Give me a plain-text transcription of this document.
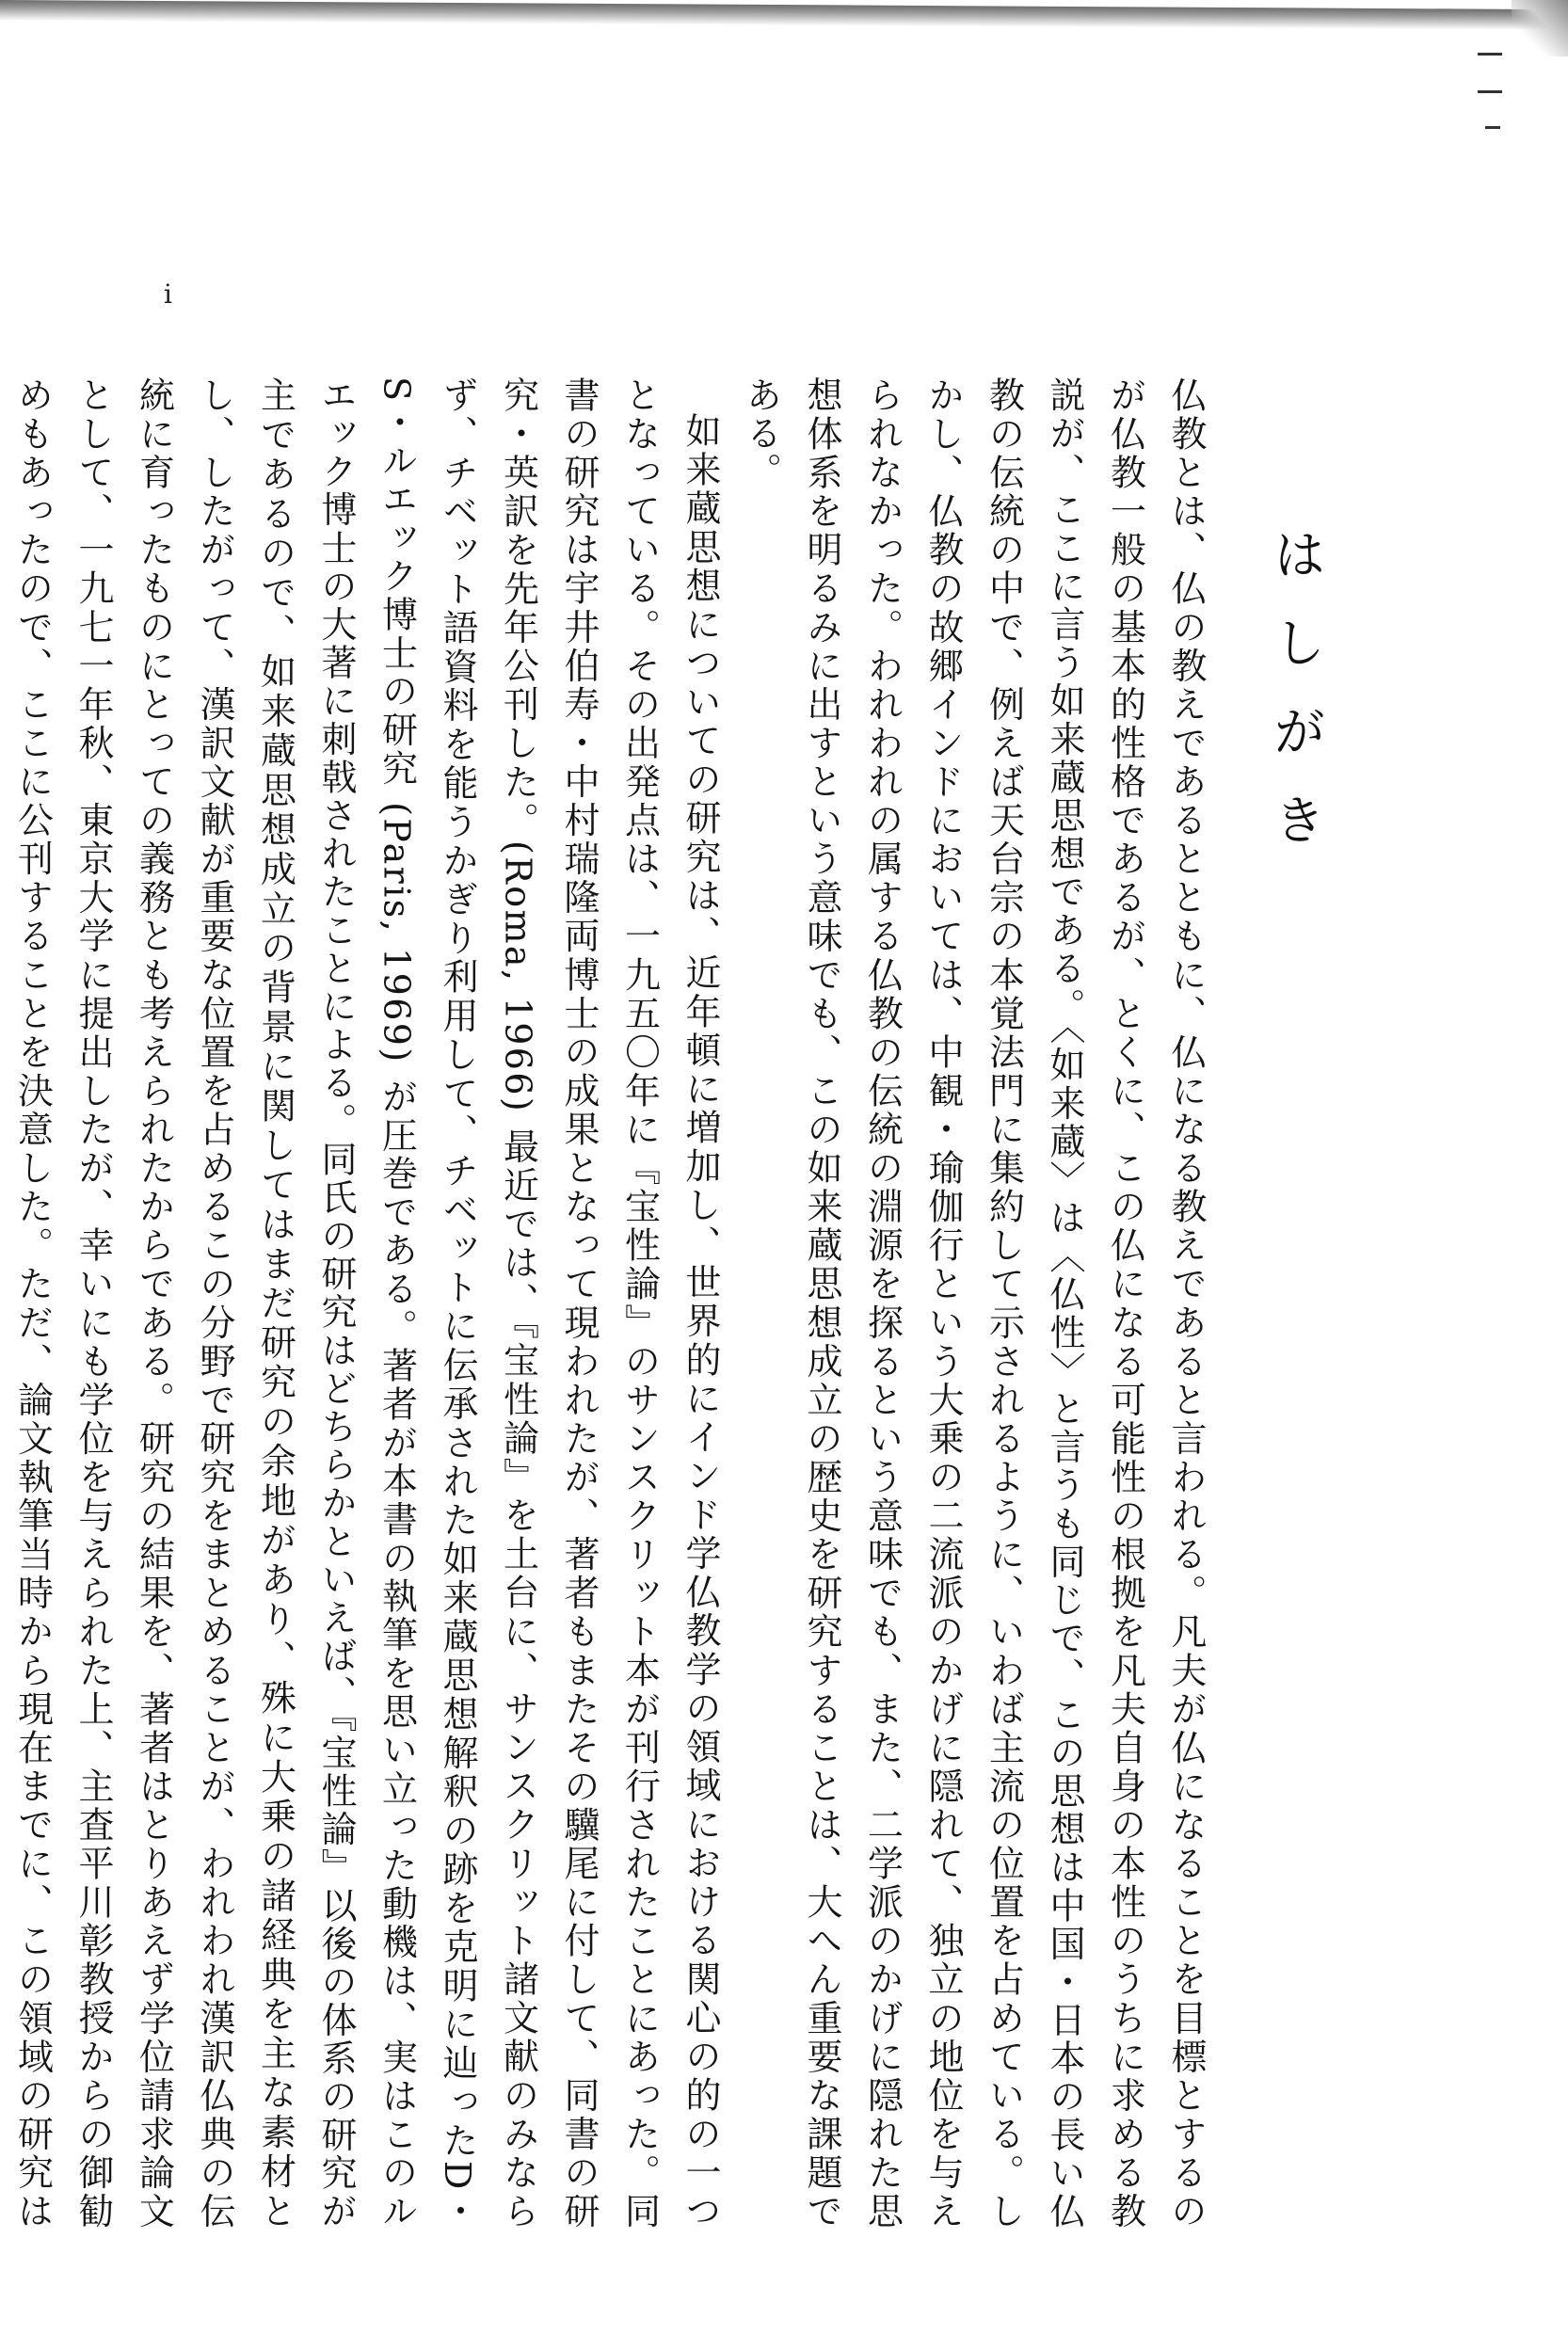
i
はしがき

仏教とは、仏の教えであるとともに、仏になる教えであると言われる。凡夫が仏になることを目標とするのが仏教一般の基本的性格であるが、とくに、この仏になる可能性の根拠を凡夫自身の本性のうちに求める教説が、ここに言う如来蔵思想である。〈如来蔵〉は〈仏性〉と言うも同じで、この思想は中国・日本の長い仏教の伝統の中で、例えば天台宗の本覚法門に集約して示されるように、いわば主流の位置を占めている。しかし、仏教の故郷インドにおいては、中観・瑜伽行という大乗の二流派のかげに隠れて、独立の地位を与えられなかった。われわれの属する仏教の伝統の淵源を探るという意味でも、また、二学派のかげに隠れた思想体系を明るみに出すという意味でも、この如来蔵思想成立の歴史を研究することは、大へん重要な課題である。

如来蔵思想についての研究は、近年頓に増加し、世界的にインド学仏教学の領域における関心の的の一つとなっている。その出発点は、一九五〇年に『宝性論』のサンスクリット本が刊行されたことにあった。同書の研究は宇井伯寿・中村瑞隆両博士の成果となって現われたが、著者もまたその驥尾に付して、同書の研究・英訳を先年公刊した。(Roma, 1966) 最近では、『宝性論』を土台に、サンスクリット諸文献のみならず、チベット語資料を能うかぎり利用して、チベットに伝承された如来蔵思想解釈の跡を克明に辿ったD・S・ルエック博士の研究 (Paris, 1969) が圧巻である。著者が本書の執筆を思い立った動機は、実はこのルエック博士の大著に刺戟されたことによる。同氏の研究はどちらかといえば、『宝性論』以後の体系の研究が主であるので、如来蔵思想成立の背景に関してはまだ研究の余地があり、殊に大乗の諸経典を主な素材とし、したがって、漢訳文献が重要な位置を占めるこの分野で研究をまとめることが、われわれ漢訳仏典の伝統に育ったものにとっての義務とも考えられたからである。研究の結果を、著者はとりあえず学位請求論文として、一九七一年秋、東京大学に提出したが、幸いにも学位を与えられた上、主査平川彰教授からの御勧めもあったので、ここに公刊することを決意した。ただ、論文執筆当時から現在までに、この領域の研究は
